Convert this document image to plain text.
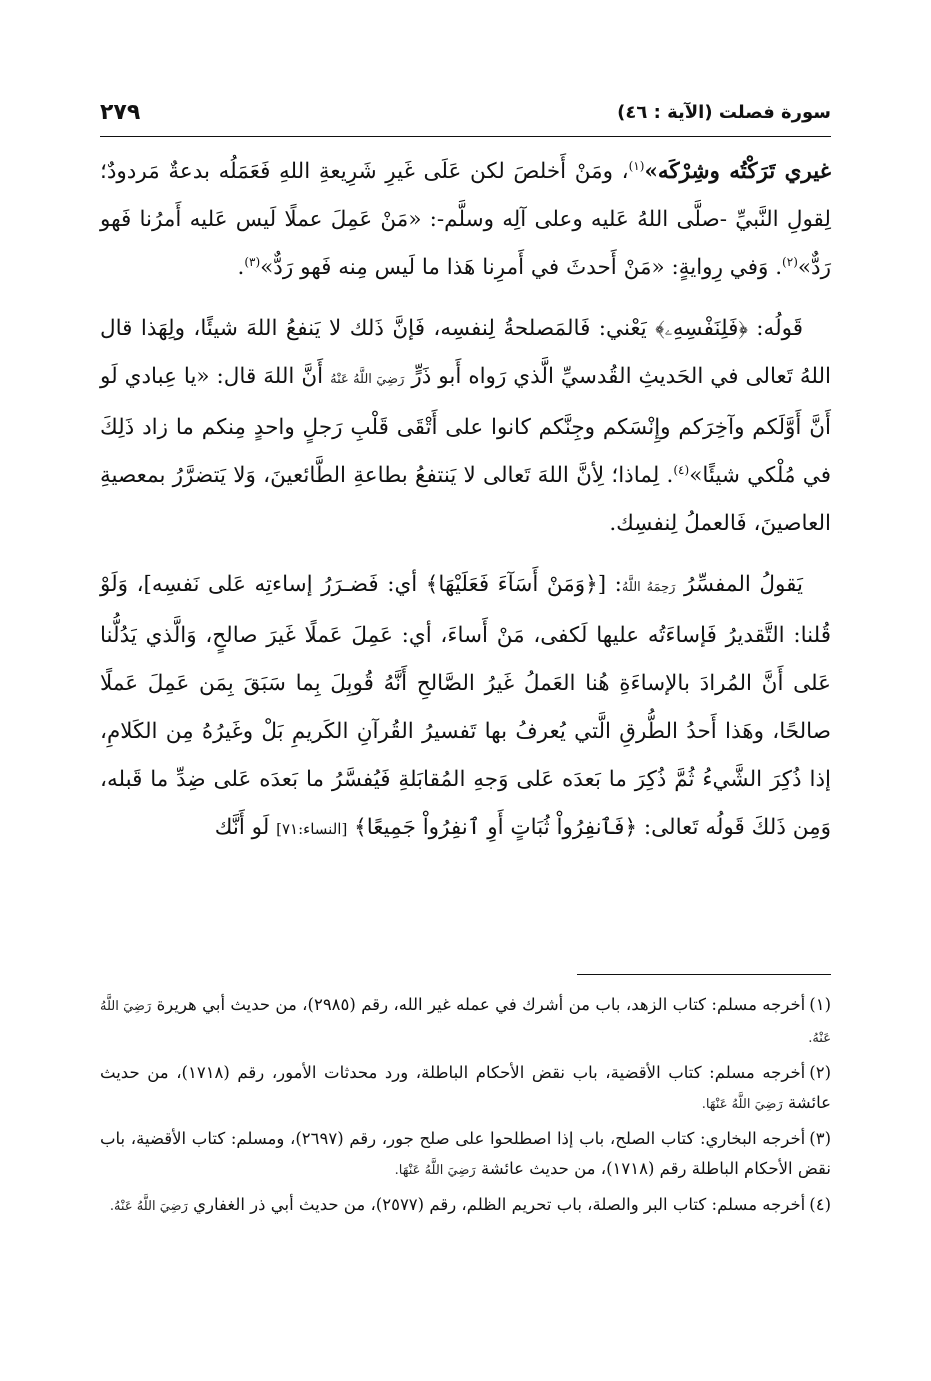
سورة فصلت (الآية : ٤٦)
٢٧٩

غيري تَرَكْتُه وشِرْكَه»$^{(١)}$، ومَنْ أَخلصَ لكن عَلَى غَيرِ شَرِيعةِ اللهِ فَعَمَلُه بدعةٌ مَردودٌ؛ لِقولِ النَّبيِّ -صلَّى اللهُ عَليه وعلى آلِه وسلَّم-: «مَنْ عَمِلَ عملًا لَيس عَليه أَمرُنا فَهو رَدٌّ»$^{(٢)}$. وَفي رِوايةٍ: «مَنْ أَحدثَ في أَمرِنا هَذا ما لَيس مِنه فَهو رَدٌّ»$^{(٣)}$.

قَولُه: ﴿فَلِنَفْسِهِۦ﴾ يَعْني: فَالمَصلحةُ لِنفسِه، فَإنَّ ذَلك لا يَنفعُ اللهَ شيئًا، ولِهَذا قال اللهُ تَعالى في الحَديثِ القُدسيِّ الَّذي رَواه أَبو ذَرٍّ رَضِيَ اللَّهُ عَنْهُ أَنَّ اللهَ قال: «يا عِبادي لَو أَنَّ أَوَّلَكم وآخِرَكم وإِنْسَكم وجِنَّكم كانوا على أَتْقَى قَلْبِ رَجلٍ واحدٍ مِنكم ما زاد ذَلِكَ في مُلْكي شيئًا»$^{(٤)}$. لِماذا؛ لِأنَّ اللهَ تَعالى لا يَنتفعُ بطاعةِ الطَّائعينَ، وَلا يَتضرَّرُ بمعصيةِ العاصينَ، فَالعملُ لِنفسِك.

يَقولُ المفسِّرُ رَحِمَهُ اللَّهُ: [﴿وَمَنْ أَسَآءَ فَعَلَيْهَا﴾ أي: فَضـرَرُ إساءتِه عَلى نَفسِه]، وَلَوْ قُلنا: التَّقديرُ فَإساءَتُه عليها لَكفى، مَنْ أَساءَ، أي: عَمِلَ عَملًا غَيرَ صالحٍ، وَالَّذي يَدُلُّنا عَلى أَنَّ المُرادَ بالإساءَةِ هُنا العَملُ غَيرُ الصَّالحِ أَنَّهُ قُوبِلَ بِما سَبَقَ بِمَن عَمِلَ عَملًا صالحًا، وهَذا أَحدُ الطُّرقِ الَّتي يُعرفُ بها تَفسيرُ القُرآنِ الكَريمِ بَلْ وغَيرُهُ مِن الكَلامِ، إذا ذُكِرَ الشَّيءُ ثُمَّ ذُكِرَ ما بَعدَه عَلى وَجهِ المُقابَلةِ فَيُفسَّرُ ما بَعدَه عَلى ضِدِّ ما قَبله، وَمِن ذَلكَ قَولُه تَعالى: ﴿فَٱنفِرُواْ ثُبَاتٍ أَوِ ٱنفِرُواْ جَمِيعًا﴾ [النساء:٧١] لَو أَنَّك

(١)أخرجه مسلم: كتاب الزهد، باب من أشرك في عمله غير الله، رقم (٢٩٨٥)، من حديث أبي هريرة رَضِيَ اللَّهُ عَنْهُ.

(٢)أخرجه مسلم: كتاب الأقضية، باب نقض الأحكام الباطلة، ورد محدثات الأمور، رقم (١٧١٨)، من حديث عائشة رَضِيَ اللَّهُ عَنْهَا.

(٣)أخرجه البخاري: كتاب الصلح، باب إذا اصطلحوا على صلح جور، رقم (٢٦٩٧)، ومسلم: كتاب الأقضية، باب نقض الأحكام الباطلة رقم (١٧١٨)، من حديث عائشة رَضِيَ اللَّهُ عَنْهَا.

(٤)أخرجه مسلم: كتاب البر والصلة، باب تحريم الظلم، رقم (٢٥٧٧)، من حديث أبي ذر الغفاري رَضِيَ اللَّهُ عَنْهُ.
